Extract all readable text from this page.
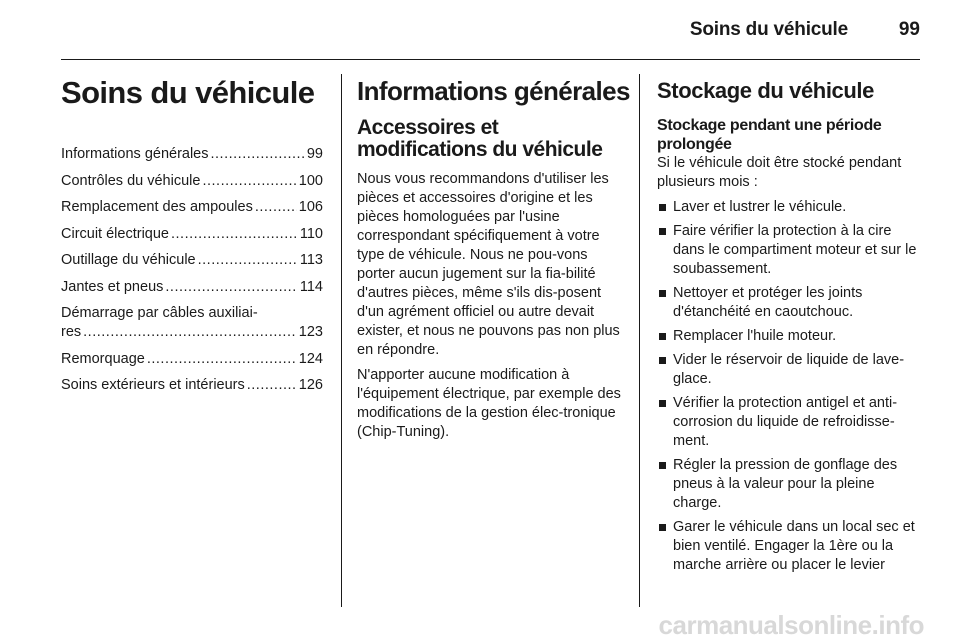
Soins du véhicule	99
Soins du véhicule
Informations générales .....	99
Contrôles du véhicule .....	100
Remplacement des ampoules .....	106
Circuit électrique .....	110
Outillage du véhicule .....	113
Jantes et pneus .....	114
Démarrage par câbles auxiliai-
res .....	123
Remorquage .....	124
Soins extérieurs et intérieurs .....	126
Informations générales
Accessoires et modifications du véhicule

Nous vous recommandons d'utiliser les pièces et accessoires d'origine et les pièces homologuées par l'usine correspondant spécifiquement à votre type de véhicule. Nous ne pou-vons porter aucun jugement sur la fia-bilité d'autres pièces, même s'ils dis-posent d'un agrément officiel ou autre devait exister, et nous ne pouvons pas non plus en répondre.

N'apporter aucune modification à l'équipement électrique, par exemple des modifications de la gestion élec-tronique (Chip-Tuning).

Stockage du véhicule
Stockage pendant une période prolongée

Si le véhicule doit être stocké pendant plusieurs mois :

Laver et lustrer le véhicule.
Faire vérifier la protection à la cire dans le compartiment moteur et sur le soubassement.
Nettoyer et protéger les joints d'étanchéité en caoutchouc.
Remplacer l'huile moteur.
Vider le réservoir de liquide de lave-glace.
Vérifier la protection antigel et anti-corrosion du liquide de refroidisse-ment.
Régler la pression de gonflage des pneus à la valeur pour la pleine charge.
Garer le véhicule dans un local sec et bien ventilé. Engager la 1ère ou la marche arrière ou placer le levier
carmanualsonline.info
